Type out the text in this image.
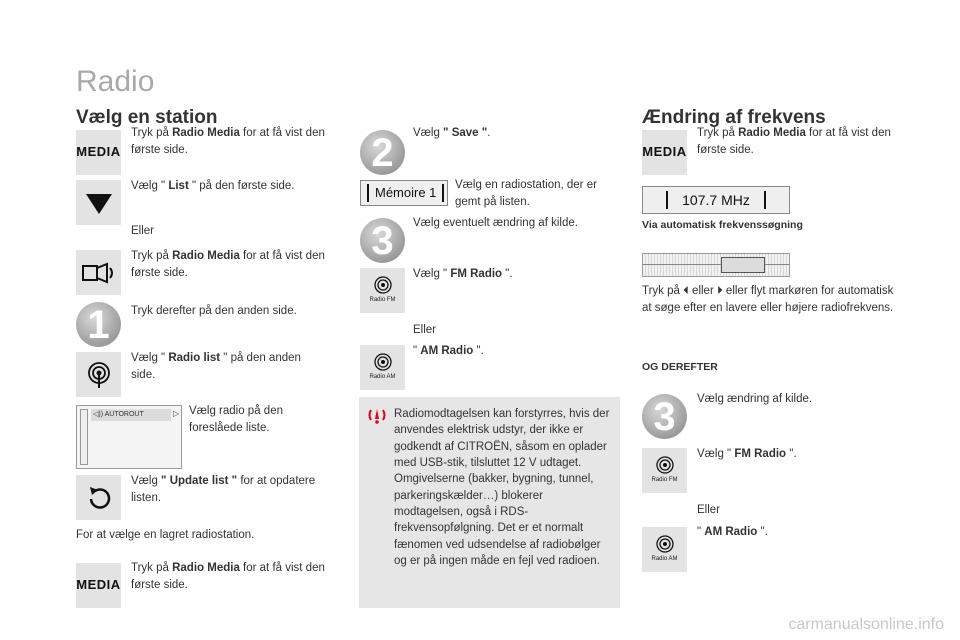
Radio
Vælg en station
MEDIA
Tryk på Radio Media for at få vist den første side.
Vælg " List " på den første side.
Eller
Tryk på Radio Media for at få vist den første side.
1 Tryk derefter på den anden side.
Vælg " Radio list " på den anden side.
◁)) AUTOROUT	▷ Vælg radio på den foreslåede liste.
Vælg " Update list " for at opdatere listen.
For at vælge en lagret radiostation.
MEDIA
Tryk på Radio Media for at få vist den første side.
2 Vælg " Save ".
Mémoire 1 Vælg en radiostation, der er gemt på listen.
3 Vælg eventuelt ændring af kilde.
Radio FM
Vælg " FM Radio ".
Eller
Radio AM
" AM Radio ".
Radiomodtagelsen kan forstyrres, hvis der anvendes elektrisk udstyr, der ikke er godkendt af CITROËN, såsom en oplader med USB-stik, tilsluttet 12 V udtaget.
Omgivelserne (bakker, bygning, tunnel, parkeringskælder…) blokerer modtagelsen, også i RDS-frekvensopfølgning. Det er et normalt fænomen ved udsendelse af radiobølger og er på ingen måde en fejl ved radioen.
Ændring af frekvens
MEDIA
Tryk på Radio Media for at få vist den første side.
107.7 MHz
Via automatisk frekvenssøgning
Tryk på ⏴ eller ⏵ eller flyt markøren for automatisk at søge efter en lavere eller højere radiofrekvens.
OG DEREFTER
3 Vælg ændring af kilde.
Radio FM
Vælg " FM Radio ".
Eller
Radio AM
" AM Radio ".
carmanualsonline.info
